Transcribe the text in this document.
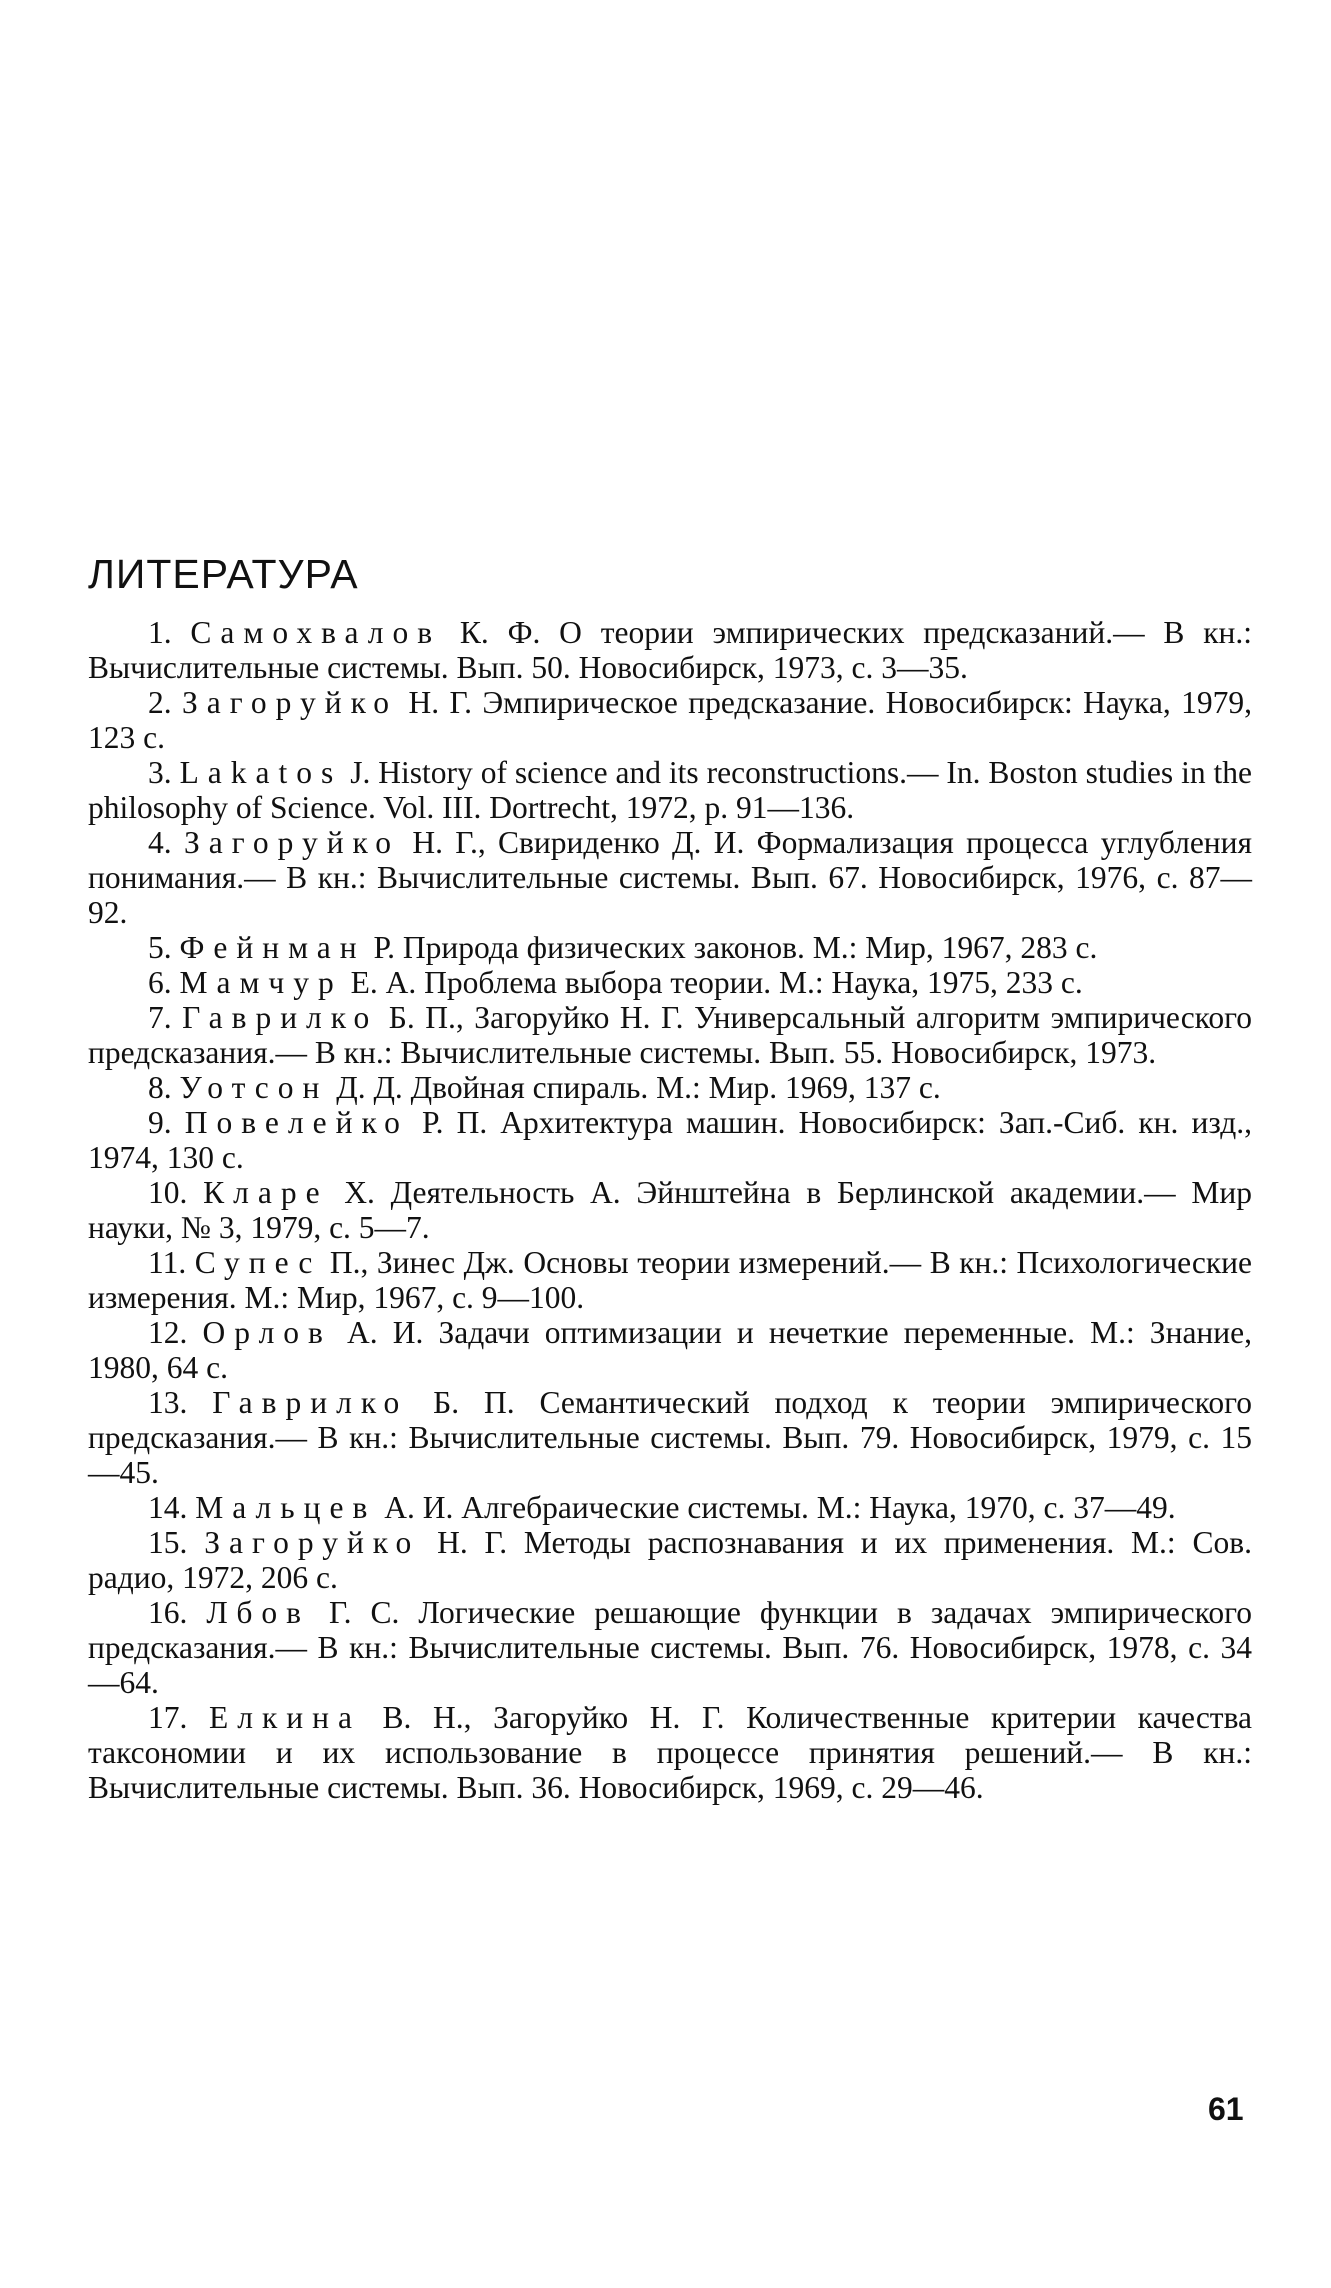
ЛИТЕРАТУРА
1. Самохвалов К. Ф. О теории эмпирических предсказаний.— В кн.: Вычислительные системы. Вып. 50. Новосибирск, 1973, с. 3—35.
2. Загоруйко Н. Г. Эмпирическое предсказание. Новосибирск: Наука, 1979, 123 с.
3. Lakatos J. History of science and its reconstructions.— In. Boston studies in the philosophy of Science. Vol. III. Dortrecht, 1972, p. 91—136.
4. Загоруйко Н. Г., Свириденко Д. И. Формализация процесса углубления понимания.— В кн.: Вычислительные системы. Вып. 67. Новосибирск, 1976, с. 87—92.
5. Фейнман Р. Природа физических законов. М.: Мир, 1967, 283 с.
6. Мамчур Е. А. Проблема выбора теории. М.: Наука, 1975, 233 с.
7. Гаврилко Б. П., Загоруйко Н. Г. Универсальный алгоритм эмпирического предсказания.— В кн.: Вычислительные системы. Вып. 55. Новосибирск, 1973.
8. Уотсон Д. Д. Двойная спираль. М.: Мир. 1969, 137 с.
9. Повелейко Р. П. Архитектура машин. Новосибирск: Зап.-Сиб. кн. изд., 1974, 130 с.
10. Кларе Х. Деятельность А. Эйнштейна в Берлинской академии.— Мир науки, № 3, 1979, с. 5—7.
11. Супес П., Зинес Дж. Основы теории измерений.— В кн.: Психологические измерения. М.: Мир, 1967, с. 9—100.
12. Орлов А. И. Задачи оптимизации и нечеткие переменные. М.: Знание, 1980, 64 с.
13. Гаврилко Б. П. Семантический подход к теории эмпирического предсказания.— В кн.: Вычислительные системы. Вып. 79. Новосибирск, 1979, с. 15—45.
14. Мальцев А. И. Алгебраические системы. М.: Наука, 1970, с. 37—49.
15. Загоруйко Н. Г. Методы распознавания и их применения. М.: Сов. радио, 1972, 206 с.
16. Лбов Г. С. Логические решающие функции в задачах эмпирического предсказания.— В кн.: Вычислительные системы. Вып. 76. Новосибирск, 1978, с. 34—64.
17. Елкина В. Н., Загоруйко Н. Г. Количественные критерии качества таксономии и их использование в процессе принятия решений.— В кн.: Вычислительные системы. Вып. 36. Новосибирск, 1969, с. 29—46.
61
